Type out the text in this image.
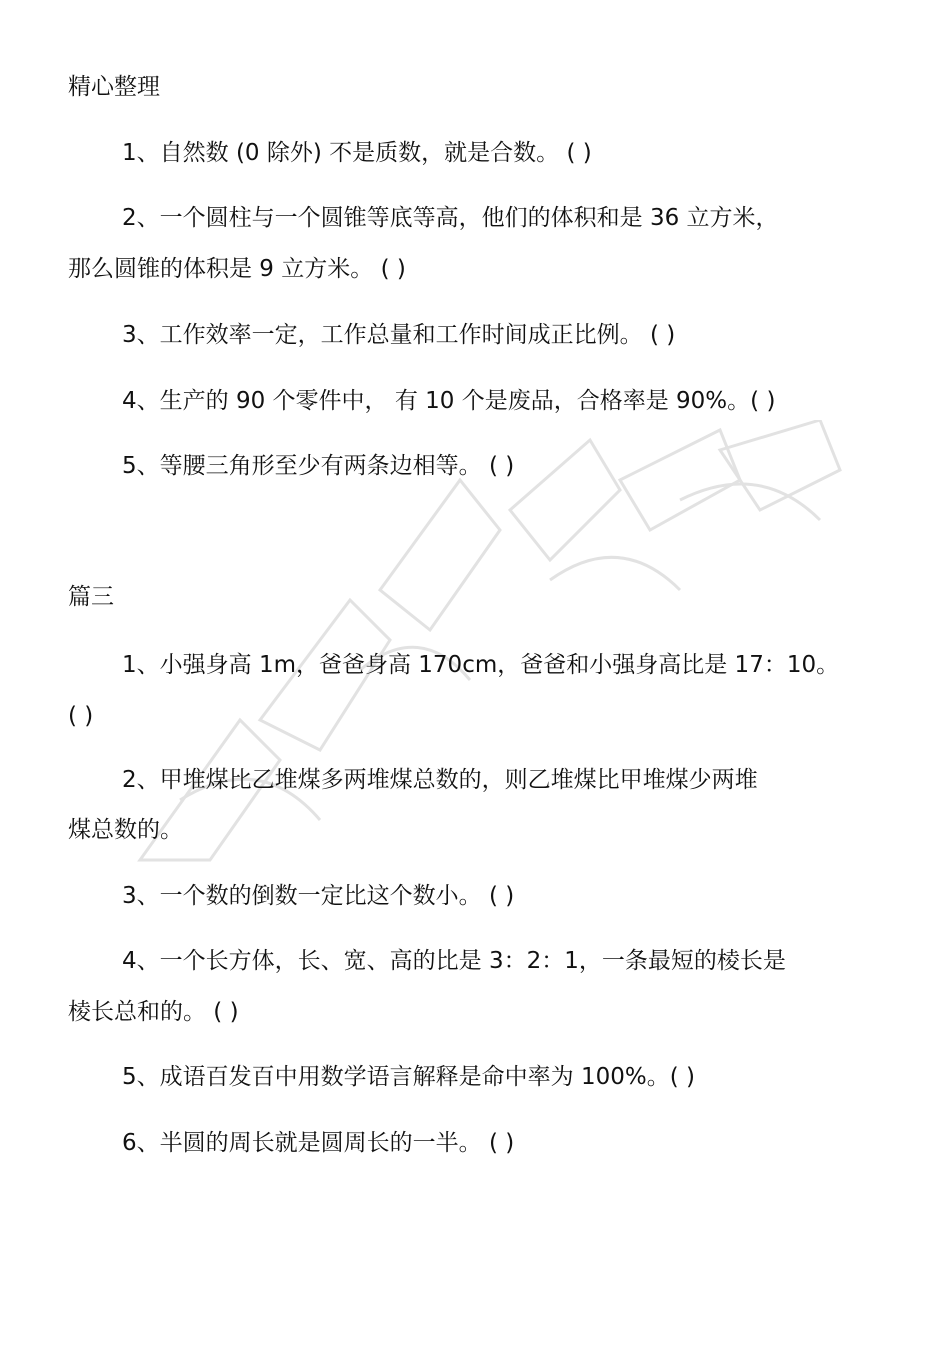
精心整理
1、自然数 (0 除外) 不是质数，就是合数。 ( )
2、一个圆柱与一个圆锥等底等高，他们的体积和是 36 立方米，
那么圆锥的体积是 9 立方米。 ( )
3、工作效率一定，工作总量和工作时间成正比例。 ( )
4、生产的 90 个零件中， 有 10 个是废品，合格率是 90%。( )
5、等腰三角形至少有两条边相等。 ( )
篇三
1、小强身高 1m，爸爸身高 170cm，爸爸和小强身高比是 17：10。
( )
2、甲堆煤比乙堆煤多两堆煤总数的，则乙堆煤比甲堆煤少两堆
煤总数的。
3、一个数的倒数一定比这个数小。 ( )
4、一个长方体，长、宽、高的比是 3：2：1，一条最短的棱长是
棱长总和的。 ( )
5、成语百发百中用数学语言解释是命中率为 100%。( )
6、半圆的周长就是圆周长的一半。 ( )
